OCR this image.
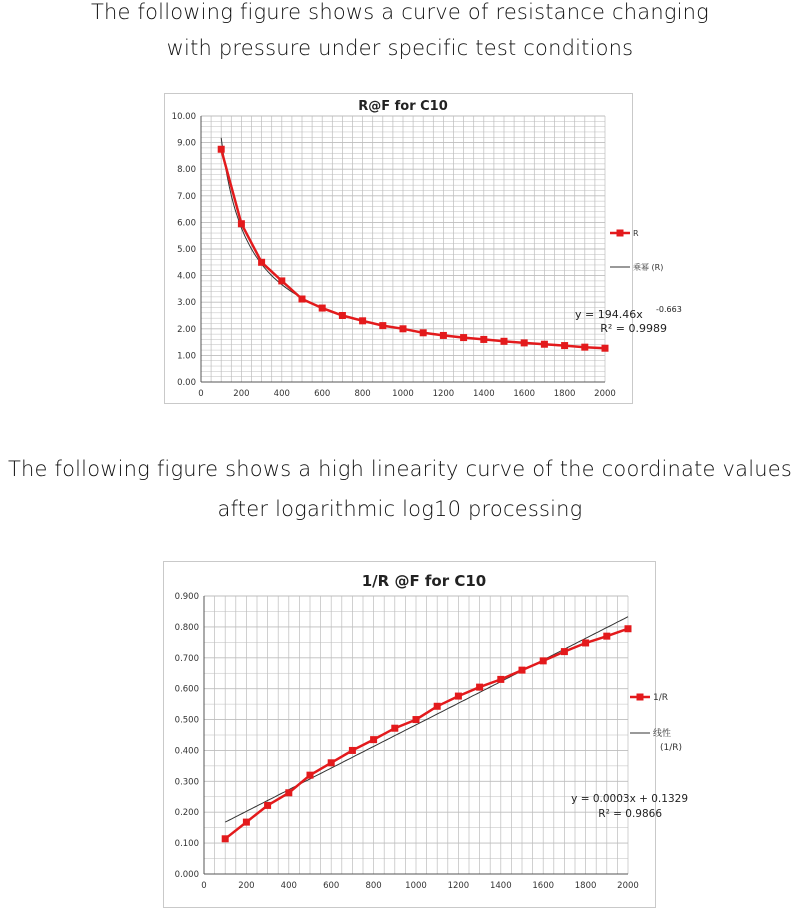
The following figure shows a curve of resistance changing
with pressure under specific test conditions
0.00
1.00
2.00
3.00
4.00
5.00
6.00
7.00
8.00
9.00
10.00
0	200	400	600	800	1000 1200 1400 1600 1800 2000
R@F for C10
R
乘幂 (R)
y = 194.46x -0.663
R² = 0.9989
The following figure shows a high linearity curve of the coordinate values
after logarithmic log10 processing
0.000
0.100
0.200
0.300
0.400
0.500
0.600
0.700
0.800
0.900
0	200	400	600	800	1000 1200 1400 1600 1800 2000
1/R @F for C10
1/R
线性
(1/R)
y = 0.0003x + 0.1329
R² = 0.9866
